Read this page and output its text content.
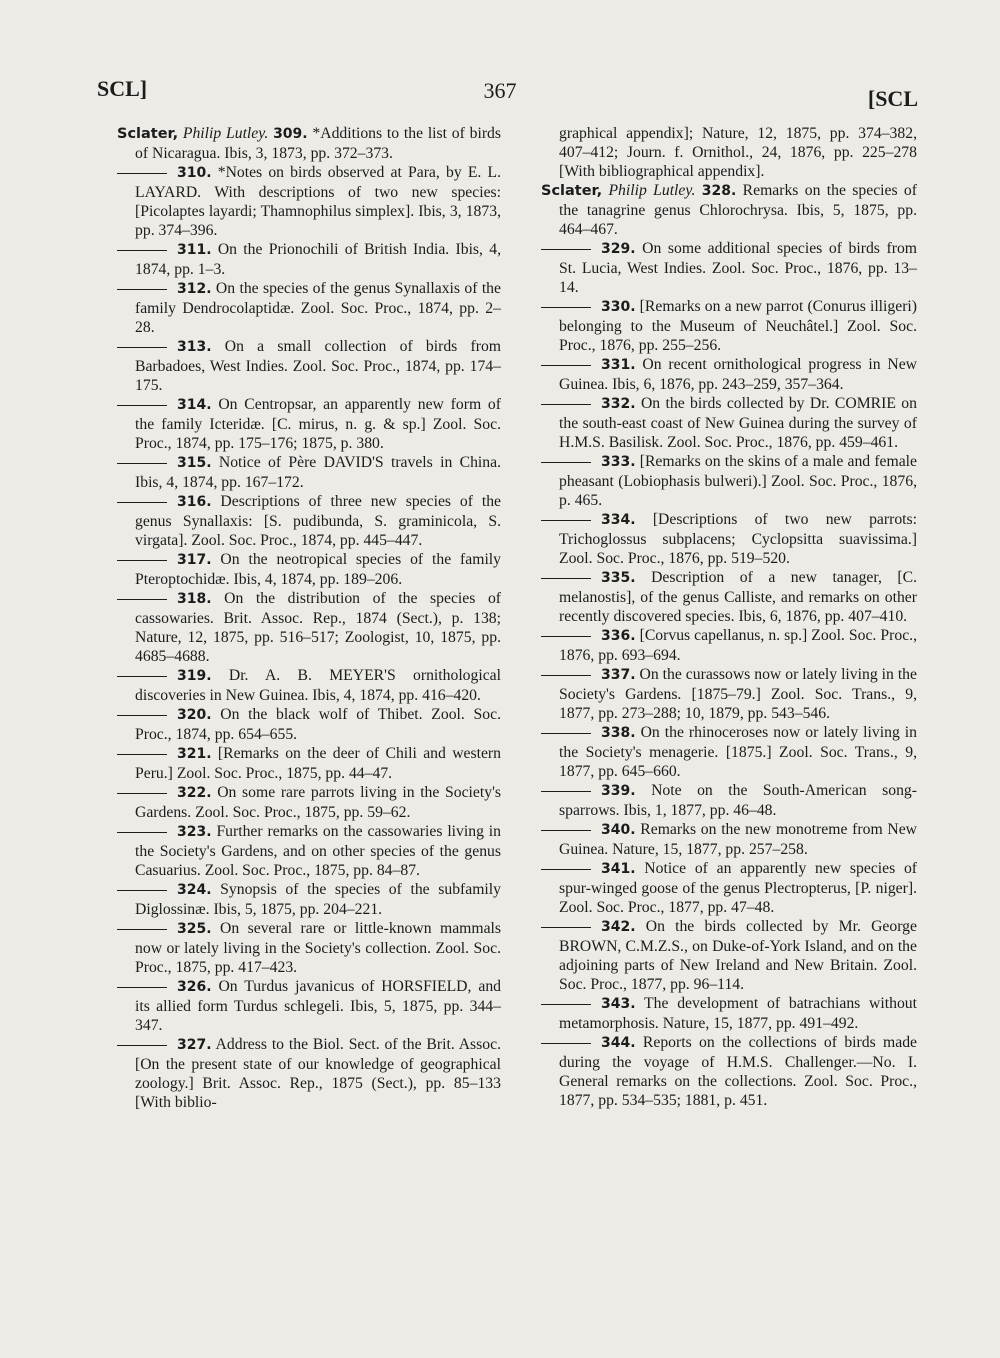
SCL]	367	[SCL

Sclater, Philip Lutley. 309. *Additions to the list of birds of Nicaragua. Ibis, 3, 1873, pp. 372–373.

310. *Notes on birds observed at Para, by E. L. LAYARD. With descriptions of two new species: [Picolaptes layardi; Thamnophilus simplex]. Ibis, 3, 1873, pp. 374–396.

311. On the Prionochili of British India. Ibis, 4, 1874, pp. 1–3.

312. On the species of the genus Synallaxis of the family Dendrocolaptidæ. Zool. Soc. Proc., 1874, pp. 2–28.

313. On a small collection of birds from Barbadoes, West Indies. Zool. Soc. Proc., 1874, pp. 174–175.

314. On Centropsar, an apparently new form of the family Icteridæ. [C. mirus, n. g. & sp.] Zool. Soc. Proc., 1874, pp. 175–176; 1875, p. 380.

315. Notice of Père DAVID'S travels in China. Ibis, 4, 1874, pp. 167–172.

316. Descriptions of three new species of the genus Synallaxis: [S. pudibunda, S. graminicola, S. virgata]. Zool. Soc. Proc., 1874, pp. 445–447.

317. On the neotropical species of the family Pteroptochidæ. Ibis, 4, 1874, pp. 189–206.

318. On the distribution of the species of cassowaries. Brit. Assoc. Rep., 1874 (Sect.), p. 138; Nature, 12, 1875, pp. 516–517; Zoologist, 10, 1875, pp. 4685–4688.

319. Dr. A. B. MEYER'S ornithological discoveries in New Guinea. Ibis, 4, 1874, pp. 416–420.

320. On the black wolf of Thibet. Zool. Soc. Proc., 1874, pp. 654–655.

321. [Remarks on the deer of Chili and western Peru.] Zool. Soc. Proc., 1875, pp. 44–47.

322. On some rare parrots living in the Society's Gardens. Zool. Soc. Proc., 1875, pp. 59–62.

323. Further remarks on the cassowaries living in the Society's Gardens, and on other species of the genus Casuarius. Zool. Soc. Proc., 1875, pp. 84–87.

324. Synopsis of the species of the subfamily Diglossinæ. Ibis, 5, 1875, pp. 204–221.

325. On several rare or little-known mammals now or lately living in the Society's collection. Zool. Soc. Proc., 1875, pp. 417–423.

326. On Turdus javanicus of HORSFIELD, and its allied form Turdus schlegeli. Ibis, 5, 1875, pp. 344–347.

327. Address to the Biol. Sect. of the Brit. Assoc. [On the present state of our knowledge of geographical zoology.] Brit. Assoc. Rep., 1875 (Sect.), pp. 85–133 [With biblio-

graphical appendix]; Nature, 12, 1875, pp. 374–382, 407–412; Journ. f. Ornithol., 24, 1876, pp. 225–278 [With bibliographical appendix].

Sclater, Philip Lutley. 328. Remarks on the species of the tanagrine genus Chlorochrysa. Ibis, 5, 1875, pp. 464–467.

329. On some additional species of birds from St. Lucia, West Indies. Zool. Soc. Proc., 1876, pp. 13–14.

330. [Remarks on a new parrot (Conurus illigeri) belonging to the Museum of Neuchâtel.] Zool. Soc. Proc., 1876, pp. 255–256.

331. On recent ornithological progress in New Guinea. Ibis, 6, 1876, pp. 243–259, 357–364.

332. On the birds collected by Dr. COMRIE on the south-east coast of New Guinea during the survey of H.M.S. Basilisk. Zool. Soc. Proc., 1876, pp. 459–461.

333. [Remarks on the skins of a male and female pheasant (Lobiophasis bulweri).] Zool. Soc. Proc., 1876, p. 465.

334. [Descriptions of two new parrots: Trichoglossus subplacens; Cyclopsitta suavissima.] Zool. Soc. Proc., 1876, pp. 519–520.

335. Description of a new tanager, [C. melanostis], of the genus Calliste, and remarks on other recently discovered species. Ibis, 6, 1876, pp. 407–410.

336. [Corvus capellanus, n. sp.] Zool. Soc. Proc., 1876, pp. 693–694.

337. On the curassows now or lately living in the Society's Gardens. [1875–79.] Zool. Soc. Trans., 9, 1877, pp. 273–288; 10, 1879, pp. 543–546.

338. On the rhinoceroses now or lately living in the Society's menagerie. [1875.] Zool. Soc. Trans., 9, 1877, pp. 645–660.

339. Note on the South-American song-sparrows. Ibis, 1, 1877, pp. 46–48.

340. Remarks on the new monotreme from New Guinea. Nature, 15, 1877, pp. 257–258.

341. Notice of an apparently new species of spur-winged goose of the genus Plectropterus, [P. niger]. Zool. Soc. Proc., 1877, pp. 47–48.

342. On the birds collected by Mr. George BROWN, C.M.Z.S., on Duke-of-York Island, and on the adjoining parts of New Ireland and New Britain. Zool. Soc. Proc., 1877, pp. 96–114.

343. The development of batrachians without metamorphosis. Nature, 15, 1877, pp. 491–492.

344. Reports on the collections of birds made during the voyage of H.M.S. Challenger.—No. I. General remarks on the collections. Zool. Soc. Proc., 1877, pp. 534–535; 1881, p. 451.
